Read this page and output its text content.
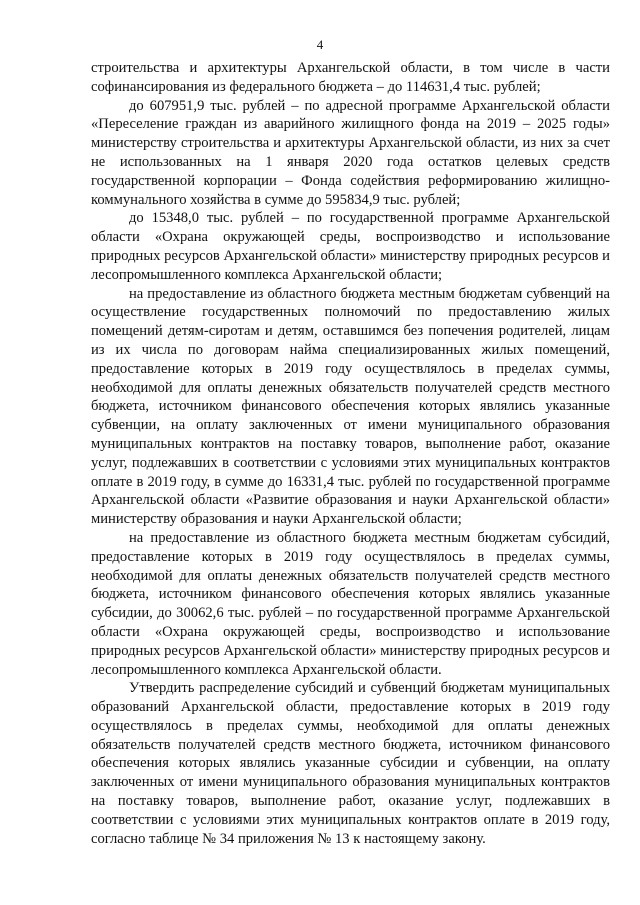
4

строительства и архитектуры Архангельской области, в том числе в части софинансирования из федерального бюджета – до 114631,4 тыс. рублей;

до 607951,9 тыс. рублей – по адресной программе Архангельской области «Переселение граждан из аварийного жилищного фонда на 2019 – 2025 годы» министерству строительства и архитектуры Архангельской области, из них за счет не использованных на 1 января 2020 года остатков целевых средств государственной корпорации – Фонда содействия реформированию жилищно-коммунального хозяйства в сумме до 595834,9 тыс. рублей;

до 15348,0 тыс. рублей – по государственной программе Архангельской области «Охрана окружающей среды, воспроизводство и использование природных ресурсов Архангельской области» министерству природных ресурсов и лесопромышленного комплекса Архангельской области;

на предоставление из областного бюджета местным бюджетам субвенций на осуществление государственных полномочий по предоставлению жилых помещений детям-сиротам и детям, оставшимся без попечения родителей, лицам из их числа по договорам найма специализированных жилых помещений, предоставление которых в 2019 году осуществлялось в пределах суммы, необходимой для оплаты денежных обязательств получателей средств местного бюджета, источником финансового обеспечения которых являлись указанные субвенции, на оплату заключенных от имени муниципального образования муниципальных контрактов на поставку товаров, выполнение работ, оказание услуг, подлежавших в соответствии с условиями этих муниципальных контрактов оплате в 2019 году, в сумме до 16331,4 тыс. рублей по государственной программе Архангельской области «Развитие образования и науки Архангельской области» министерству образования и науки Архангельской области;

на предоставление из областного бюджета местным бюджетам субсидий, предоставление которых в 2019 году осуществлялось в пределах суммы, необходимой для оплаты денежных обязательств получателей средств местного бюджета, источником финансового обеспечения которых являлись указанные субсидии, до 30062,6 тыс. рублей – по государственной программе Архангельской области «Охрана окружающей среды, воспроизводство и использование природных ресурсов Архангельской области» министерству природных ресурсов и лесопромышленного комплекса Архангельской области.

Утвердить распределение субсидий и субвенций бюджетам муниципальных образований Архангельской области, предоставление которых в 2019 году осуществлялось в пределах суммы, необходимой для оплаты денежных обязательств получателей средств местного бюджета, источником финансового обеспечения которых являлись указанные субсидии и субвенции, на оплату заключенных от имени муниципального образования муниципальных контрактов на поставку товаров, выполнение работ, оказание услуг, подлежавших в соответствии с условиями этих муниципальных контрактов оплате в 2019 году, согласно таблице № 34 приложения № 13 к настоящему закону.
